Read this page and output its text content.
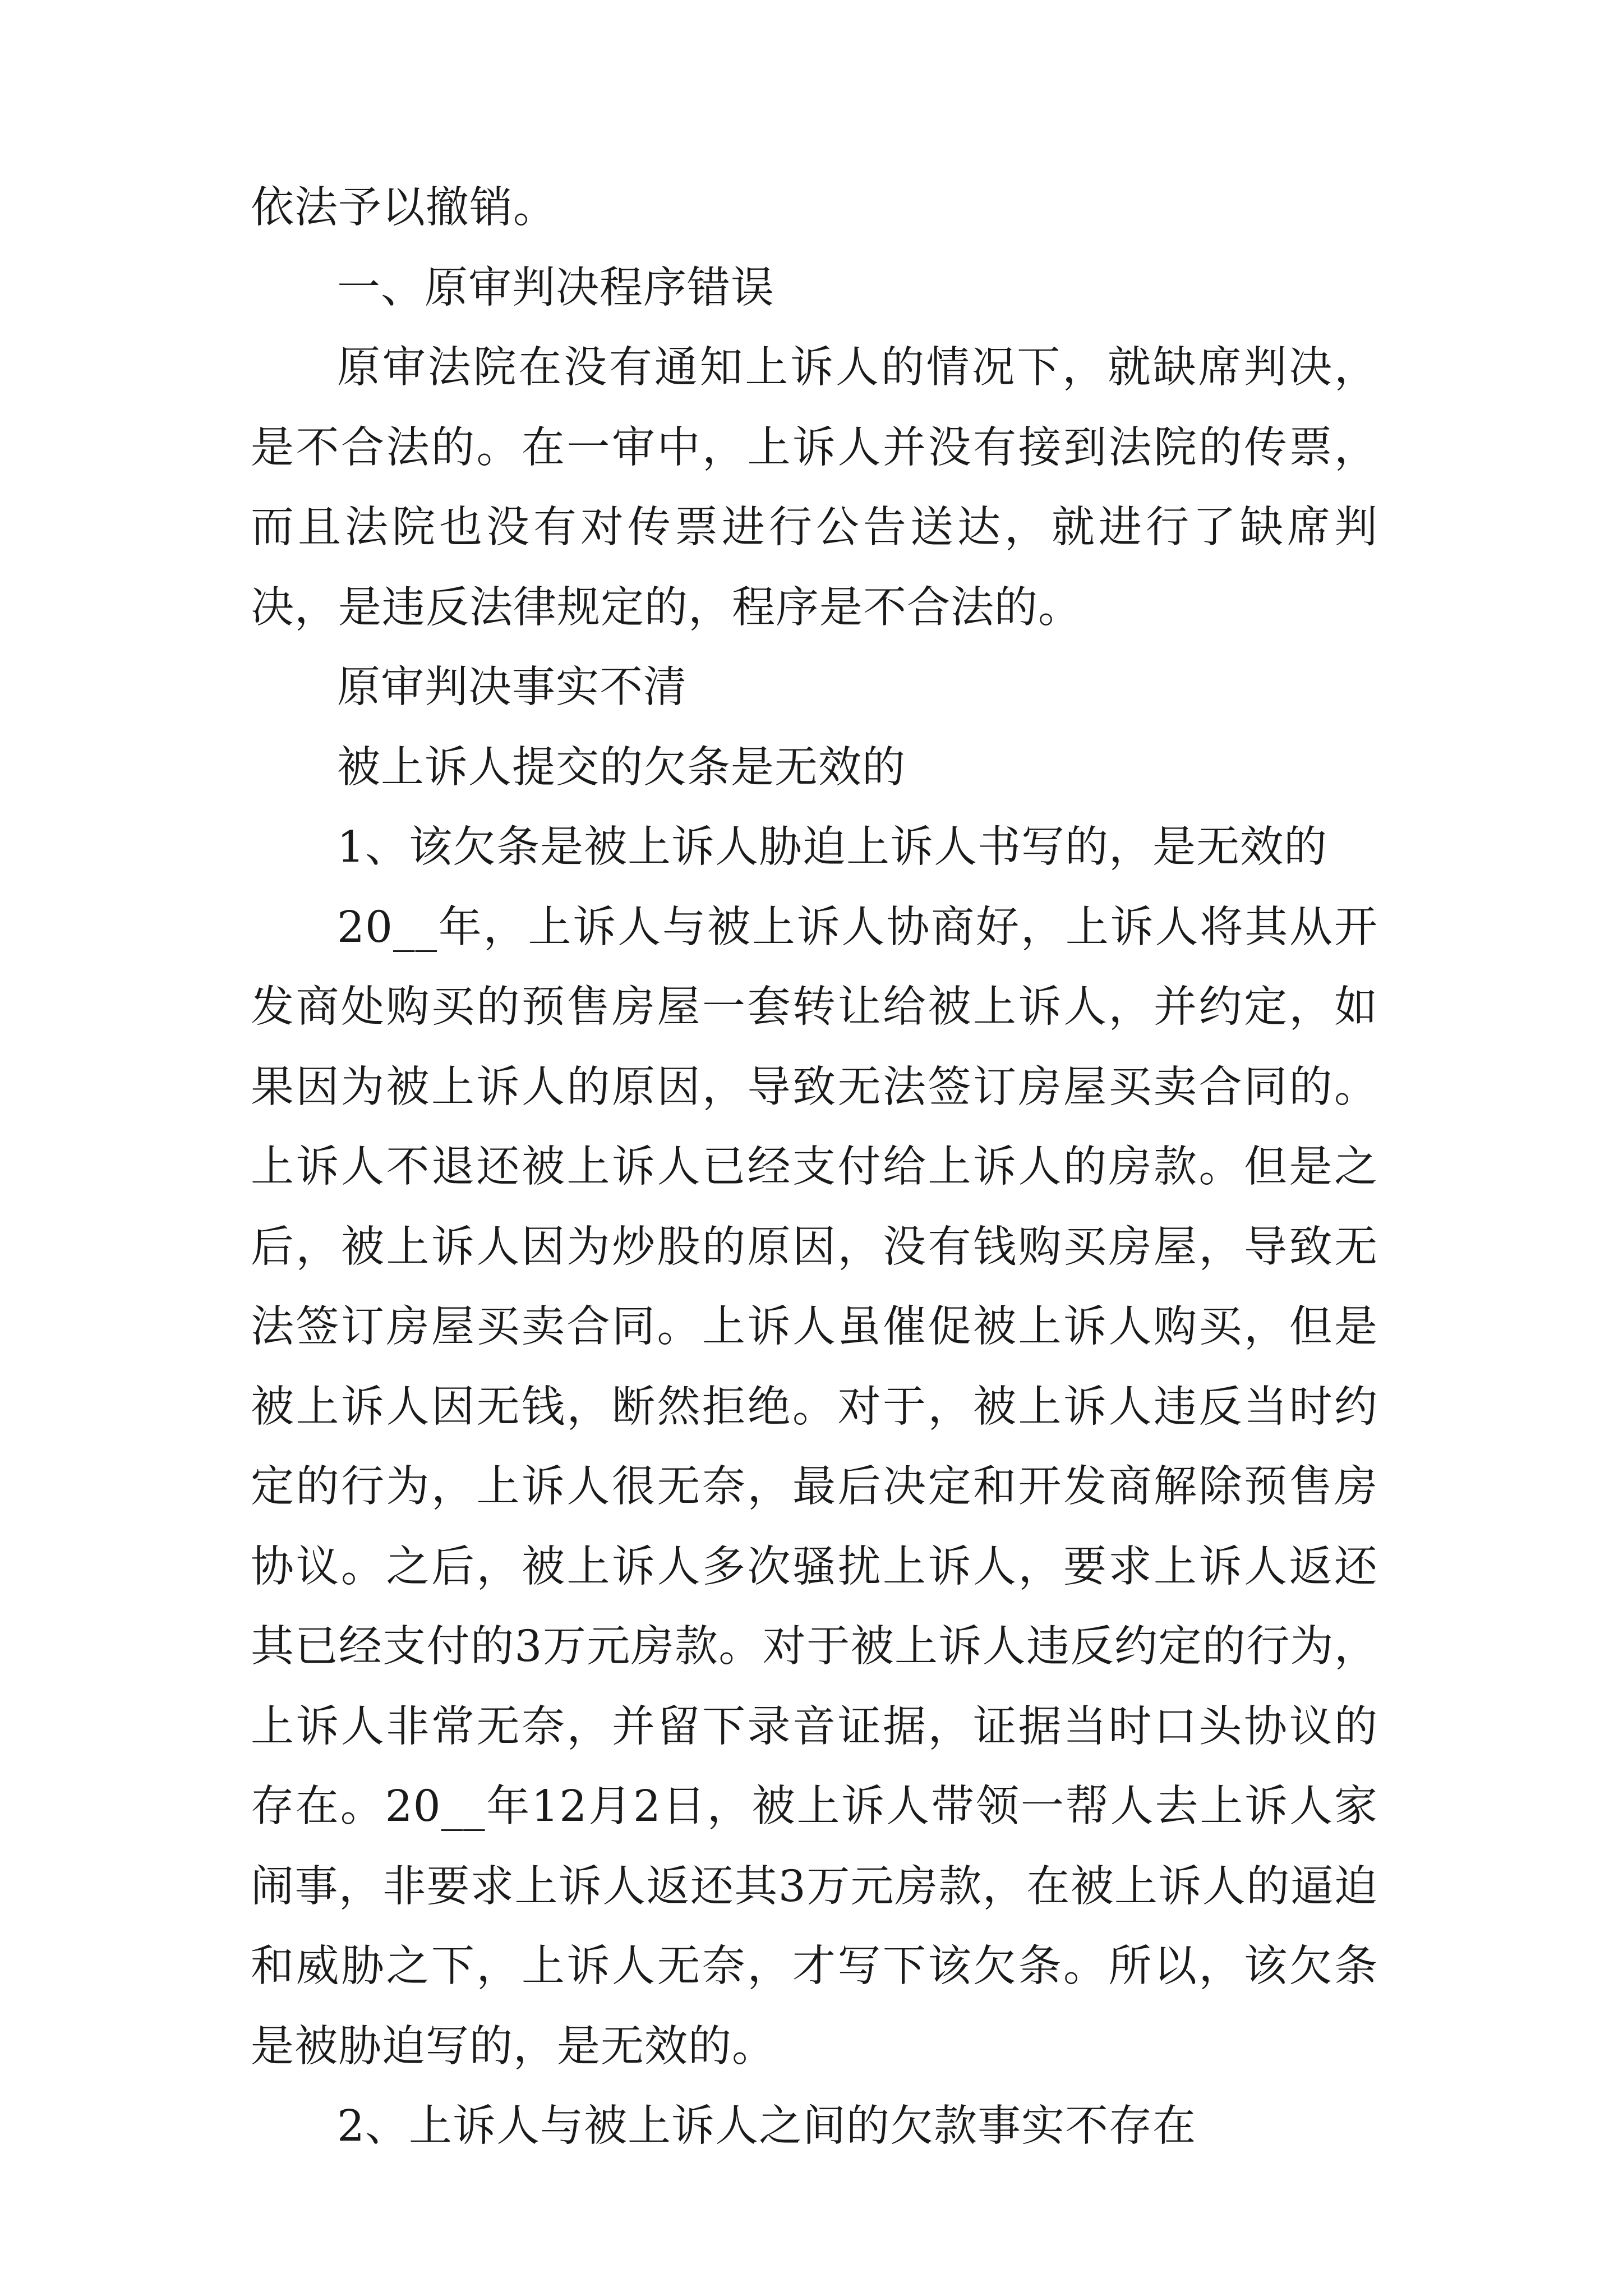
依法予以撤销。

一、原审判决程序错误

原审法院在没有通知上诉人的情况下，就缺席判决，是不合法的。在一审中，上诉人并没有接到法院的传票，而且法院也没有对传票进行公告送达，就进行了缺席判决，是违反法律规定的，程序是不合法的。

原审判决事实不清

被上诉人提交的欠条是无效的

1、该欠条是被上诉人胁迫上诉人书写的，是无效的

20__年，上诉人与被上诉人协商好，上诉人将其从开发商处购买的预售房屋一套转让给被上诉人，并约定，如果因为被上诉人的原因，导致无法签订房屋买卖合同的。上诉人不退还被上诉人已经支付给上诉人的房款。但是之后，被上诉人因为炒股的原因，没有钱购买房屋，导致无法签订房屋买卖合同。上诉人虽催促被上诉人购买，但是被上诉人因无钱，断然拒绝。对于，被上诉人违反当时约定的行为，上诉人很无奈，最后决定和开发商解除预售房协议。之后，被上诉人多次骚扰上诉人，要求上诉人返还其已经支付的3万元房款。对于被上诉人违反约定的行为，上诉人非常无奈，并留下录音证据，证据当时口头协议的存在。20__年12月2日，被上诉人带领一帮人去上诉人家闹事，非要求上诉人返还其3万元房款，在被上诉人的逼迫和威胁之下，上诉人无奈，才写下该欠条。所以，该欠条是被胁迫写的，是无效的。

2、上诉人与被上诉人之间的欠款事实不存在
